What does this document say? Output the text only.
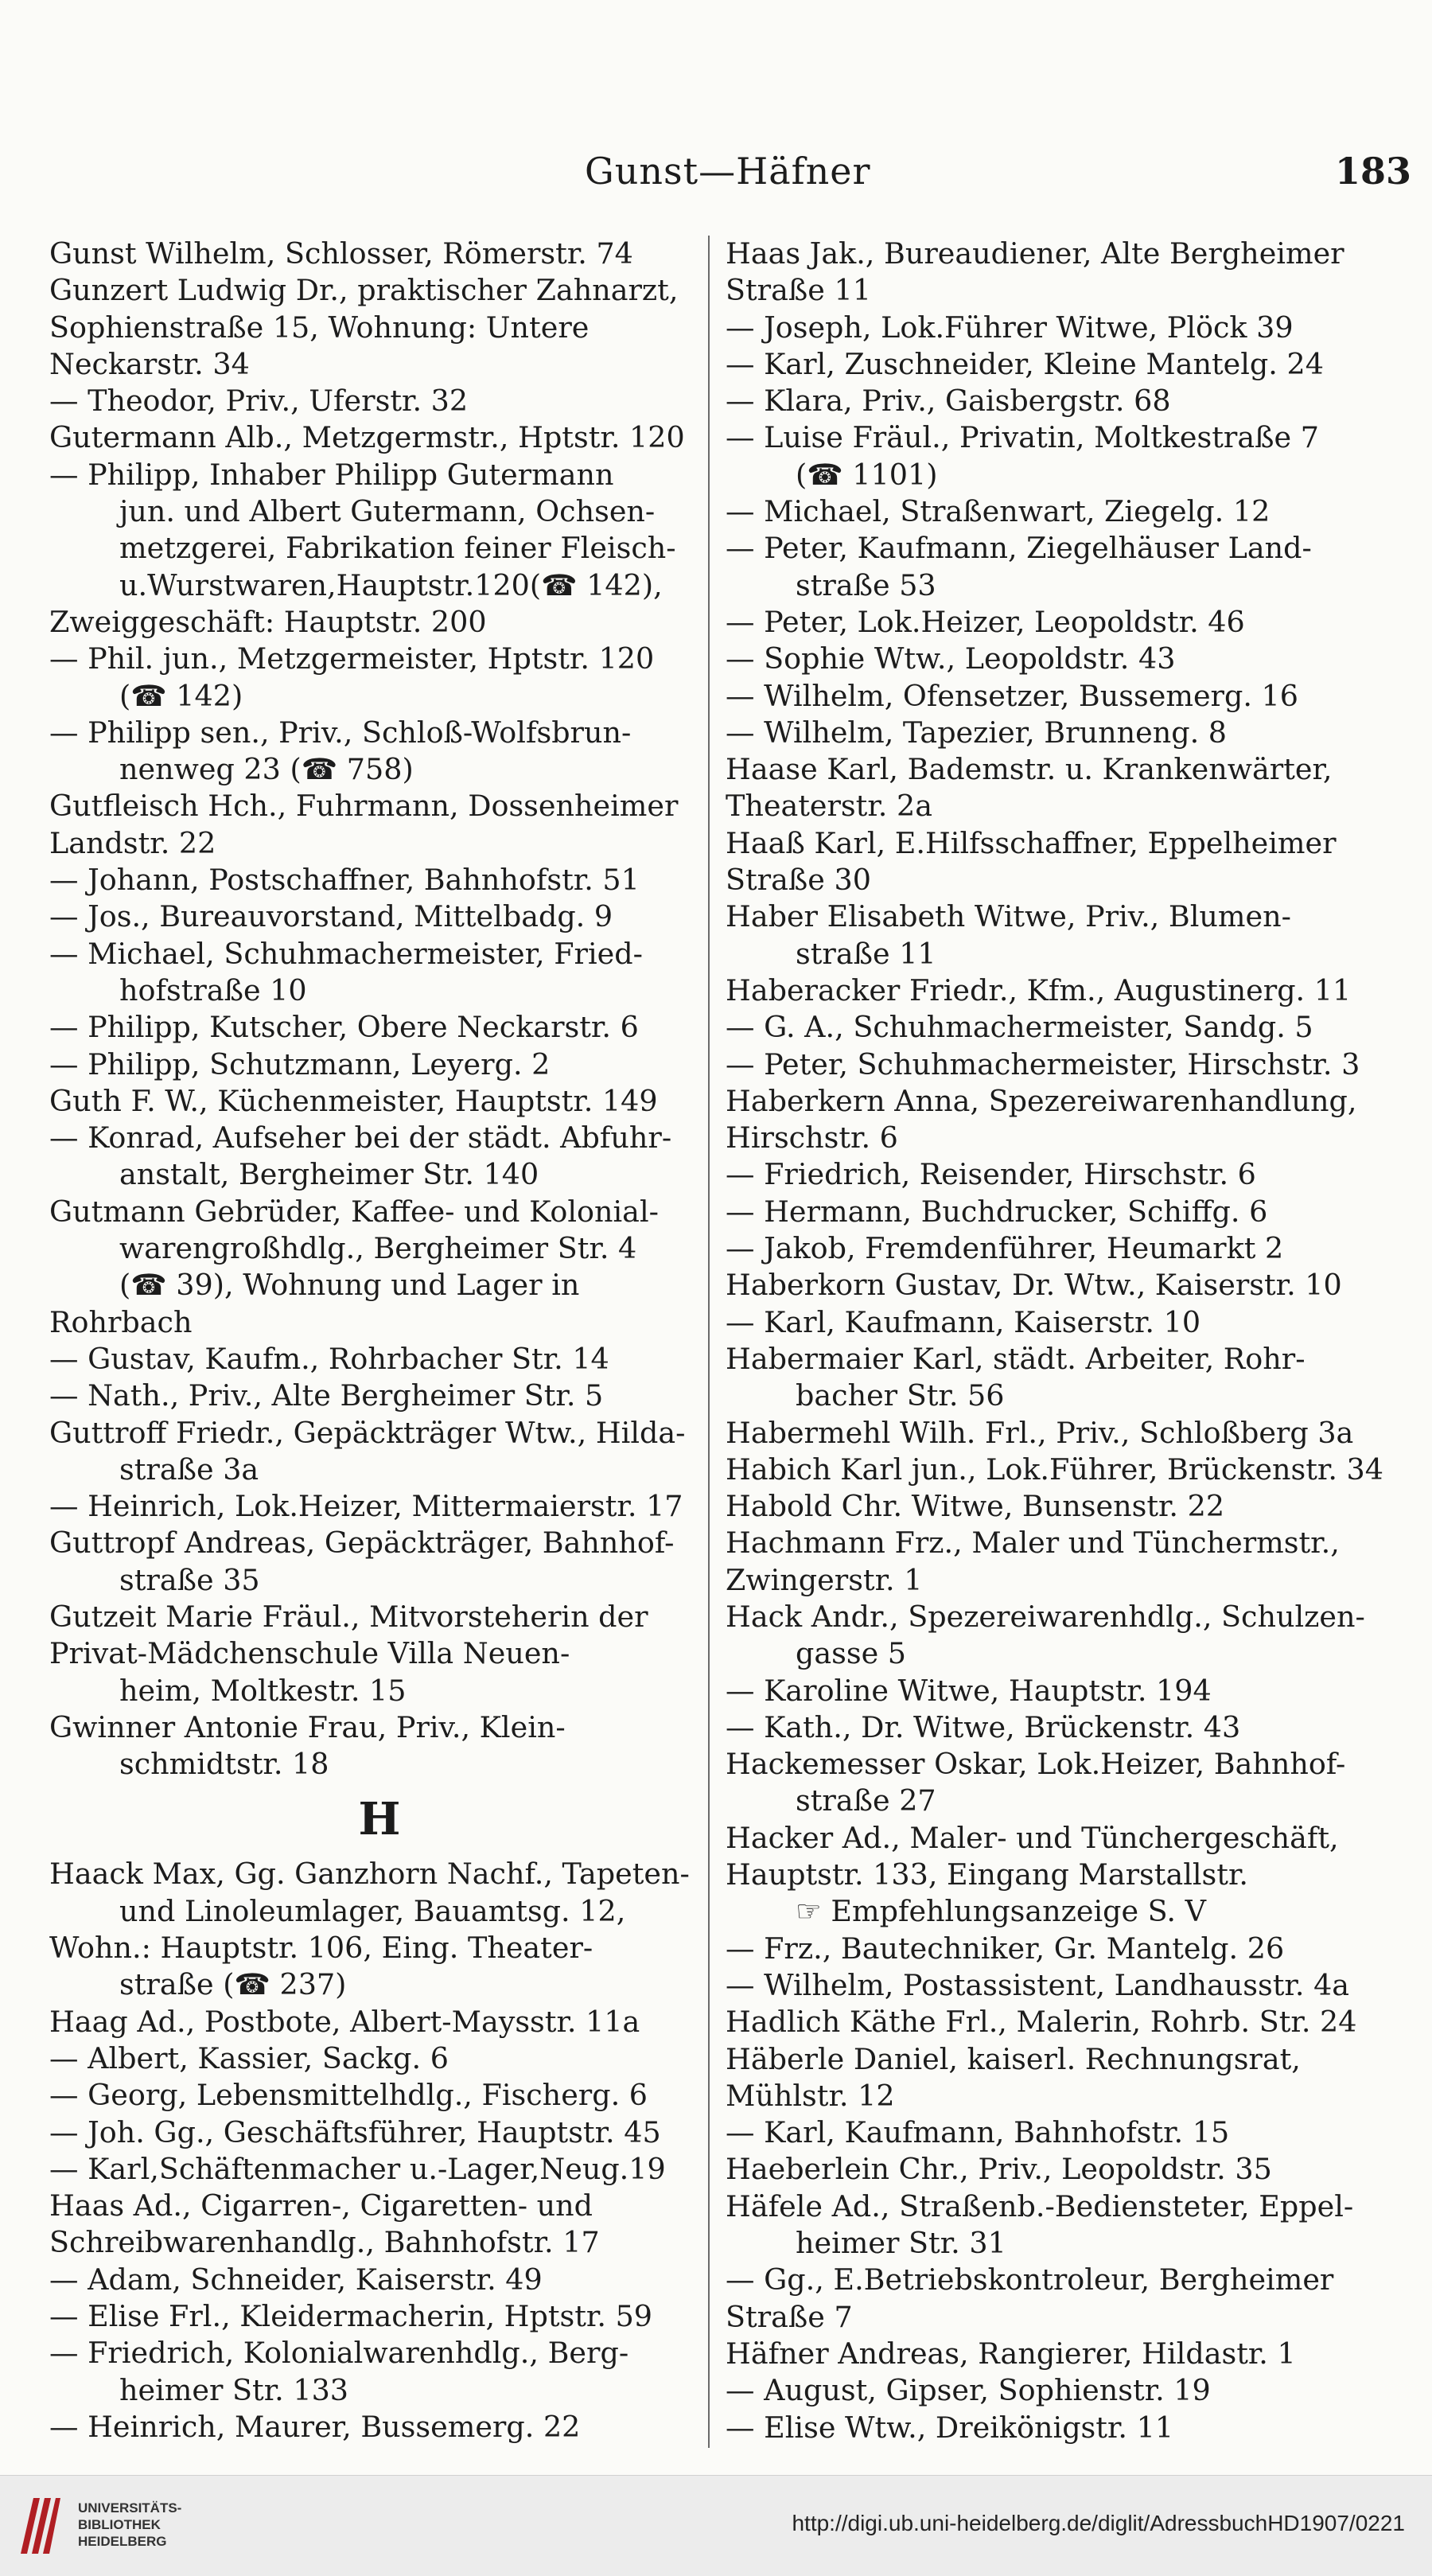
Gunst—Häfner	183
Gunst Wilhelm, Schlosser, Römerstr. 74
Gunzert Ludwig Dr., praktischer Zahnarzt,
Sophienstraße 15, Wohnung: Untere
Neckarstr. 34
— Theodor, Priv., Uferstr. 32
Gutermann Alb., Metzgermstr., Hptstr. 120
— Philipp, Inhaber Philipp Gutermann
jun. und Albert Gutermann, Ochsen-
metzgerei, Fabrikation feiner Fleisch-
u.Wurstwaren,Hauptstr.120(☎ 142),
Zweiggeschäft: Hauptstr. 200
— Phil. jun., Metzgermeister, Hptstr. 120
(☎ 142)
— Philipp sen., Priv., Schloß-Wolfsbrun-
nenweg 23 (☎ 758)
Gutfleisch Hch., Fuhrmann, Dossenheimer
Landstr. 22
— Johann, Postschaffner, Bahnhofstr. 51
— Jos., Bureauvorstand, Mittelbadg. 9
— Michael, Schuhmachermeister, Fried-
hofstraße 10
— Philipp, Kutscher, Obere Neckarstr. 6
— Philipp, Schutzmann, Leyerg. 2
Guth F. W., Küchenmeister, Hauptstr. 149
— Konrad, Aufseher bei der städt. Abfuhr-
anstalt, Bergheimer Str. 140
Gutmann Gebrüder, Kaffee- und Kolonial-
warengroßhdlg., Bergheimer Str. 4
(☎ 39), Wohnung und Lager in
Rohrbach
— Gustav, Kaufm., Rohrbacher Str. 14
— Nath., Priv., Alte Bergheimer Str. 5
Guttroff Friedr., Gepäckträger Wtw., Hilda-
straße 3a
— Heinrich, Lok.Heizer, Mittermaierstr. 17
Guttropf Andreas, Gepäckträger, Bahnhof-
straße 35
Gutzeit Marie Fräul., Mitvorsteherin der
Privat-Mädchenschule Villa Neuen-
heim, Moltkestr. 15
Gwinner Antonie Frau, Priv., Klein-
schmidtstr. 18
H
Haack Max, Gg. Ganzhorn Nachf., Tapeten-
und Linoleumlager, Bauamtsg. 12,
Wohn.: Hauptstr. 106, Eing. Theater-
straße (☎ 237)
Haag Ad., Postbote, Albert-Maysstr. 11a
— Albert, Kassier, Sackg. 6
— Georg, Lebensmittelhdlg., Fischerg. 6
— Joh. Gg., Geschäftsführer, Hauptstr. 45
— Karl,Schäftenmacher u.-Lager,Neug.19
Haas Ad., Cigarren-, Cigaretten- und
Schreibwarenhandlg., Bahnhofstr. 17
— Adam, Schneider, Kaiserstr. 49
— Elise Frl., Kleidermacherin, Hptstr. 59
— Friedrich, Kolonialwarenhdlg., Berg-
heimer Str. 133
— Heinrich, Maurer, Bussemerg. 22
Haas Jak., Bureaudiener, Alte Bergheimer
Straße 11
— Joseph, Lok.Führer Witwe, Plöck 39
— Karl, Zuschneider, Kleine Mantelg. 24
— Klara, Priv., Gaisbergstr. 68
— Luise Fräul., Privatin, Moltkestraße 7
(☎ 1101)
— Michael, Straßenwart, Ziegelg. 12
— Peter, Kaufmann, Ziegelhäuser Land-
straße 53
— Peter, Lok.Heizer, Leopoldstr. 46
— Sophie Wtw., Leopoldstr. 43
— Wilhelm, Ofensetzer, Bussemerg. 16
— Wilhelm, Tapezier, Brunneng. 8
Haase Karl, Bademstr. u. Krankenwärter,
Theaterstr. 2a
Haaß Karl, E.Hilfsschaffner, Eppelheimer
Straße 30
Haber Elisabeth Witwe, Priv., Blumen-
straße 11
Haberacker Friedr., Kfm., Augustinerg. 11
— G. A., Schuhmachermeister, Sandg. 5
— Peter, Schuhmachermeister, Hirschstr. 3
Haberkern Anna, Spezereiwarenhandlung,
Hirschstr. 6
— Friedrich, Reisender, Hirschstr. 6
— Hermann, Buchdrucker, Schiffg. 6
— Jakob, Fremdenführer, Heumarkt 2
Haberkorn Gustav, Dr. Wtw., Kaiserstr. 10
— Karl, Kaufmann, Kaiserstr. 10
Habermaier Karl, städt. Arbeiter, Rohr-
bacher Str. 56
Habermehl Wilh. Frl., Priv., Schloßberg 3a
Habich Karl jun., Lok.Führer, Brückenstr. 34
Habold Chr. Witwe, Bunsenstr. 22
Hachmann Frz., Maler und Tünchermstr.,
Zwingerstr. 1
Hack Andr., Spezereiwarenhdlg., Schulzen-
gasse 5
— Karoline Witwe, Hauptstr. 194
— Kath., Dr. Witwe, Brückenstr. 43
Hackemesser Oskar, Lok.Heizer, Bahnhof-
straße 27
Hacker Ad., Maler- und Tünchergeschäft,
Hauptstr. 133, Eingang Marstallstr.
☞ Empfehlungsanzeige S. V
— Frz., Bautechniker, Gr. Mantelg. 26
— Wilhelm, Postassistent, Landhausstr. 4a
Hadlich Käthe Frl., Malerin, Rohrb. Str. 24
Häberle Daniel, kaiserl. Rechnungsrat,
Mühlstr. 12
— Karl, Kaufmann, Bahnhofstr. 15
Haeberlein Chr., Priv., Leopoldstr. 35
Häfele Ad., Straßenb.-Bediensteter, Eppel-
heimer Str. 31
— Gg., E.Betriebskontroleur, Bergheimer
Straße 7
Häfner Andreas, Rangierer, Hildastr. 1
— August, Gipser, Sophienstr. 19
— Elise Wtw., Dreikönigstr. 11
UNIVERSITÄTS-
BIBLIOTHEK
HEIDELBERG
http://digi.ub.uni-heidelberg.de/diglit/AdressbuchHD1907/0221
